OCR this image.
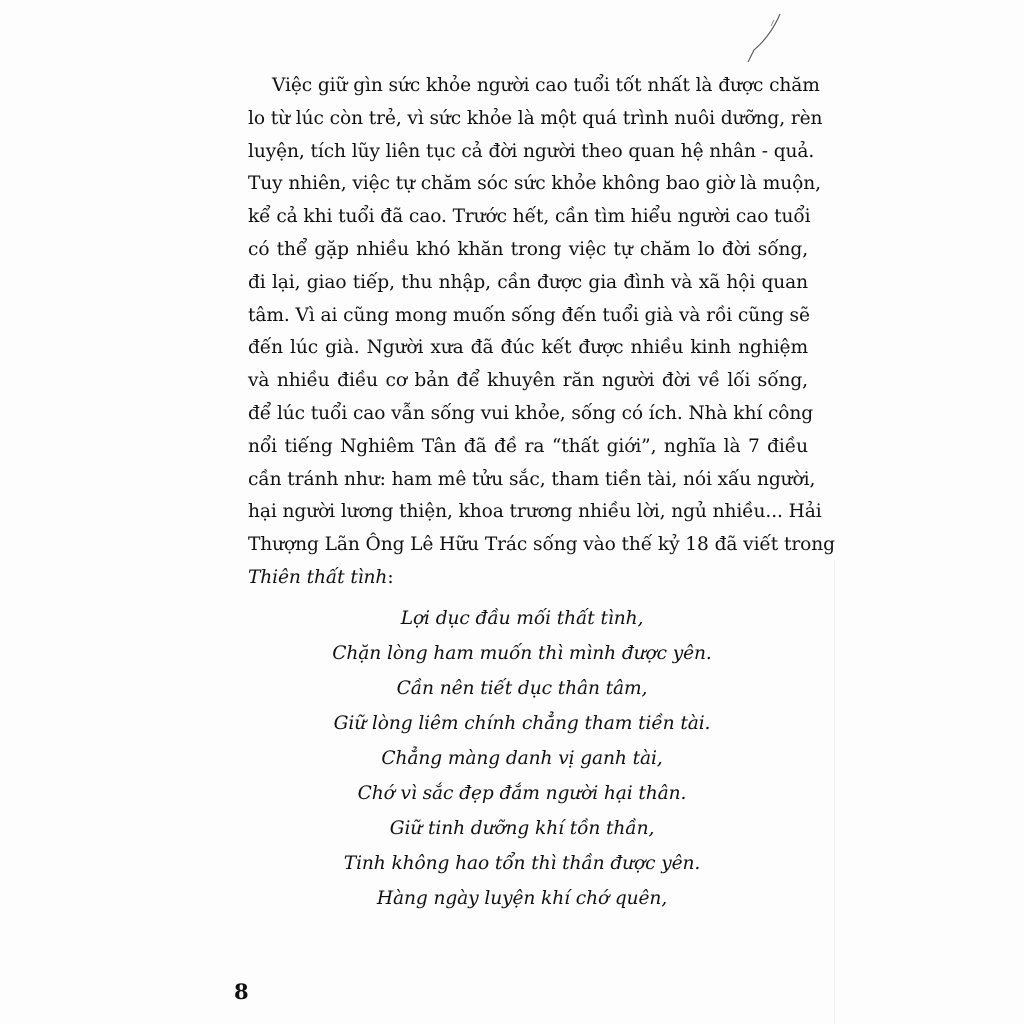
Việc giữ gìn sức khỏe người cao tuổi tốt nhất là được chăm
lo từ lúc còn trẻ, vì sức khỏe là một quá trình nuôi dưỡng, rèn
luyện, tích lũy liên tục cả đời người theo quan hệ nhân - quả.
Tuy nhiên, việc tự chăm sóc sức khỏe không bao giờ là muộn,
kể cả khi tuổi đã cao. Trước hết, cần tìm hiểu người cao tuổi
có thể gặp nhiều khó khăn trong việc tự chăm lo đời sống,
đi lại, giao tiếp, thu nhập, cần được gia đình và xã hội quan
tâm. Vì ai cũng mong muốn sống đến tuổi già và rồi cũng sẽ
đến lúc già. Người xưa đã đúc kết được nhiều kinh nghiệm
và nhiều điều cơ bản để khuyên răn người đời về lối sống,
để lúc tuổi cao vẫn sống vui khỏe, sống có ích. Nhà khí công
nổi tiếng Nghiêm Tân đã đề ra “thất giới”, nghĩa là 7 điều
cần tránh như: ham mê tửu sắc, tham tiền tài, nói xấu người,
hại người lương thiện, khoa trương nhiều lời, ngủ nhiều... Hải
Thượng Lãn Ông Lê Hữu Trác sống vào thế kỷ 18 đã viết trong
Thiên thất tình:
Lợi dục đầu mối thất tình,
Chặn lòng ham muốn thì mình được yên.
Cần nên tiết dục thân tâm,
Giữ lòng liêm chính chẳng tham tiền tài.
Chẳng màng danh vị ganh tài,
Chớ vì sắc đẹp đắm người hại thân.
Giữ tinh dưỡng khí tồn thần,
Tinh không hao tổn thì thần được yên.
Hàng ngày luyện khí chớ quên,
8
